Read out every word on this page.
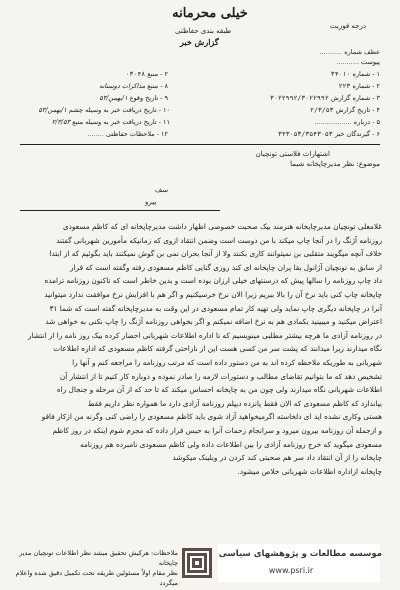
خیلی محرمانه
درجه فوریت
طبقه بندی حفاظتی
گزارش خبر
عطف شماره ...........
پیوست ...........
۱ - شماره ۳۴۰۱۰
۲ - شماره ۲۲۳
۳ - شماره گزارش ۳۰۲۲۹۹۲/۳۰۲۲۹۹۲
۴ - تاریخ گزارش ۲/۳/۵۳
۵ - درباره ..................
۶ - گیرندگان خبر ۳۴۳۰۵۳/۳۵۴۳۰۵۳
۲ - منبع ۰۳۰۴۸
۸ - منبع مذاکرات دوستانه
۹ - تاریخ وقوع ۱/بهمن/۵۳
۱۰ - تاریخ دریافت خبر به وسیله چشم ۱/بهمن/۵۳
۱۱ - تاریخ دریافت خبر به وسیله منبع ۲/۳/۵۳
۱۲ - ملاحظات حفاظتی ........
اشتهارات فلاستی تونچیان
موضوع: نظر مدیرچاپخانه شیما
سف
پیرو

غلامعلی تونچیان مدیرچاپخانه هنرمند بیک صحبت خصوصی اظهار داشت مدیرچاپخانه ای که کاظم مسعودی

روزنامه آژنگ را در آنجا چاپ میکند با من دوست است وضمن انتقاد ازوی که زمانیکه مأمورین شهربانی گفتند

خلاف آنچه میگویند متقلبی بن نمیتوانند کاری بکنند ولا از آنجا بحران نمی بن گوش نمیکنند باید بگوئیم که از ابتدا

از سابق به تونچیان آژانول بقا پران چاپخانه ای کند روزی گنایی کاظم مسعودی رفته وگفته است که قرار

داد چاپ روزنامه را سالها پیش که درسنتهای خیلی ارزان بوده است و بدین خاطر است که تاکنون روزنامه ترامده

چاپخانه چاپ کنی باید نرخ آن را بالا ببریم زیرا الان نرخ خرسیکنیم و اگر هم با افزایش نرخ موافقت ندارد میتوانید

آنرا در چاپخانه دیگری چاپ نماید ولی تهیه کار تمام مسعودی در این وقت به مدیرچاپخانه گفته است که شما ۳۱

اعتراض میکنید و میبینید یکمادی هم به نرخ اضافه نمیکنم و اگر بخواهی روزنامه آژنگ را چاپ نکنی به خواهی شد

در روزنامه آزادی ما هرچه بیشتر مطلبی مینویسیم که تا اداره اطلاعات شهربانی احضار کرده بیک روز نامه را از انتشار

نگاه میدارند زیرا میدانند که پشت سر من کسی هست این از ناراحتی گرفته کاظم مسعودی که اداره اطلاعات

شهربانی به طوریکه ملاحظه کرده اند به من دستور داده است که مرتب روزنامه را مراجعه کنم و آنها را

تشخیص دهد که ما بتوانیم تقاضای مطالب و دستورات لازمه را صادر نموده و دوباره کار کنیم تا از انتشار آن

اطلاعات شهربانی نگاه میدارند ولی چون من به چاپخانه احساس میکند که تا حد که از آن مرحله و جنجال راه

بیاندازد که کاظم مسعودی که الان فقط پانزده دیپلم روزنامه آزادی دارد ما همواره نظر داریم فقط

هستی وکاری نشده اید ای دلخاسته اگرمیخواهید آزاد شوی باید کاظم مسعودی را راضی کنی وگرنه من ازکار فاقو

و ازجمله آن روزنامه بیرون میرود و سرانجام زحمات آنرا به حبس قرار داده که مجرم شوم اینکه در روز کاظم

مسعودی میگوید که خرج روزنامه آزادی را بین اطلاعات داده ولی کاظم مسعودی نامبرده هم روزنامه

چاپخانه را از آن انتقاد داد سر هم صحبتی کند کردن در وبلینک میکوشد

چاپخانه ازاداره اطلاعات شهربانی خلاص میشود.

ملاحظات: هرکیش تحقیق میشد نظر اطلاعات تونچیان مدیر چاپخانه
نظر مقام اولاً مسئولین طریقه تحت تکمیل دقیق شده واعلام میگردد
موسسه مطالعات و پژوهشهای سیاسی
www.psri.ir
